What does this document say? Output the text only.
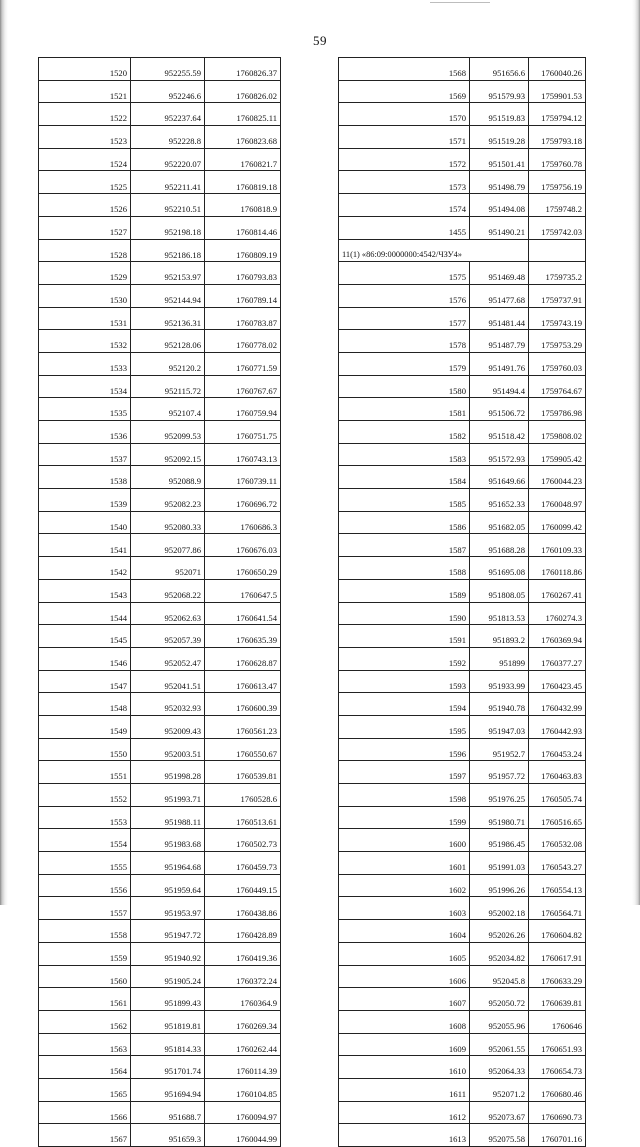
59
1520	952255.59	1760826.37
1521	952246.6	1760826.02
1522	952237.64	1760825.11
1523	952228.8	1760823.68
1524	952220.07	1760821.7
1525	952211.41	1760819.18
1526	952210.51	1760818.9
1527	952198.18	1760814.46
1528	952186.18	1760809.19
1529	952153.97	1760793.83
1530	952144.94	1760789.14
1531	952136.31	1760783.87
1532	952128.06	1760778.02
1533	952120.2	1760771.59
1534	952115.72	1760767.67
1535	952107.4	1760759.94
1536	952099.53	1760751.75
1537	952092.15	1760743.13
1538	952088.9	1760739.11
1539	952082.23	1760696.72
1540	952080.33	1760686.3
1541	952077.86	1760676.03
1542	952071	1760650.29
1543	952068.22	1760647.5
1544	952062.63	1760641.54
1545	952057.39	1760635.39
1546	952052.47	1760628.87
1547	952041.51	1760613.47
1548	952032.93	1760600.39
1549	952009.43	1760561.23
1550	952003.51	1760550.67
1551	951998.28	1760539.81
1552	951993.71	1760528.6
1553	951988.11	1760513.61
1554	951983.68	1760502.73
1555	951964.68	1760459.73
1556	951959.64	1760449.15
1557	951953.97	1760438.86
1558	951947.72	1760428.89
1559	951940.92	1760419.36
1560	951905.24	1760372.24
1561	951899.43	1760364.9
1562	951819.81	1760269.34
1563	951814.33	1760262.44
1564	951701.74	1760114.39
1565	951694.94	1760104.85
1566	951688.7	1760094.97
1567	951659.3	1760044.99
1568	951656.6	1760040.26
1569	951579.93	1759901.53
1570	951519.83	1759794.12
1571	951519.28	1759793.18
1572	951501.41	1759760.78
1573	951498.79	1759756.19
1574	951494.08	1759748.2
1455	951490.21	1759742.03
11(1) «86:09:0000000:4542/ЧЗУ4»		
1575	951469.48	1759735.2
1576	951477.68	1759737.91
1577	951481.44	1759743.19
1578	951487.79	1759753.29
1579	951491.76	1759760.03
1580	951494.4	1759764.67
1581	951506.72	1759786.98
1582	951518.42	1759808.02
1583	951572.93	1759905.42
1584	951649.66	1760044.23
1585	951652.33	1760048.97
1586	951682.05	1760099.42
1587	951688.28	1760109.33
1588	951695.08	1760118.86
1589	951808.05	1760267.41
1590	951813.53	1760274.3
1591	951893.2	1760369.94
1592	951899	1760377.27
1593	951933.99	1760423.45
1594	951940.78	1760432.99
1595	951947.03	1760442.93
1596	951952.7	1760453.24
1597	951957.72	1760463.83
1598	951976.25	1760505.74
1599	951980.71	1760516.65
1600	951986.45	1760532.08
1601	951991.03	1760543.27
1602	951996.26	1760554.13
1603	952002.18	1760564.71
1604	952026.26	1760604.82
1605	952034.82	1760617.91
1606	952045.8	1760633.29
1607	952050.72	1760639.81
1608	952055.96	1760646
1609	952061.55	1760651.93
1610	952064.33	1760654.73
1611	952071.2	1760680.46
1612	952073.67	1760690.73
1613	952075.58	1760701.16
